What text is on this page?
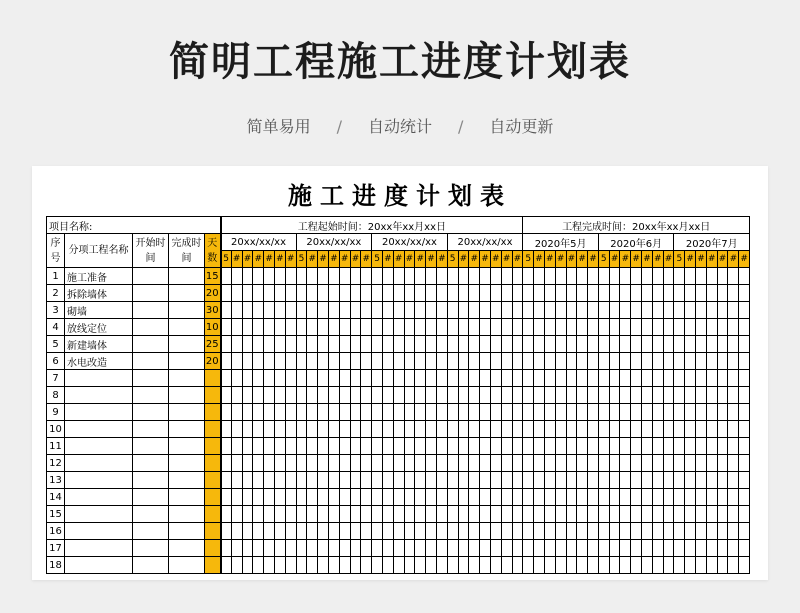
简明工程施工进度计划表
简单易用 / 自动统计 / 自动更新
施工进度计划表
项目名称:					工程起始时间：20xx年xx月xx日																												工程完成时间：20xx年xx月xx日																				
序号	分项工程名称	开始时间	完成时间	天数	20xx/xx/xx							20xx/xx/xx							20xx/xx/xx							20xx/xx/xx							2020年5月							2020年6月							2020年7月						
					5	#	#	#	#	#	#	5	#	#	#	#	#	#	5	#	#	#	#	#	#	5	#	#	#	#	#	#	5	#	#	#	#	#	#	5	#	#	#	#	#	#	5	#	#	#	#	#	#
1	施工准备			15																																																	
2	拆除墙体			20																																																	
3	砌墙			30																																																	
4	放线定位			10																																																	
5	新建墙体			25																																																	
6	水电改造			20																																																	
7																																																					
8																																																					
9																																																					
10																																																					
11																																																					
12																																																					
13																																																					
14																																																					
15																																																					
16																																																					
17																																																					
18																																																					
